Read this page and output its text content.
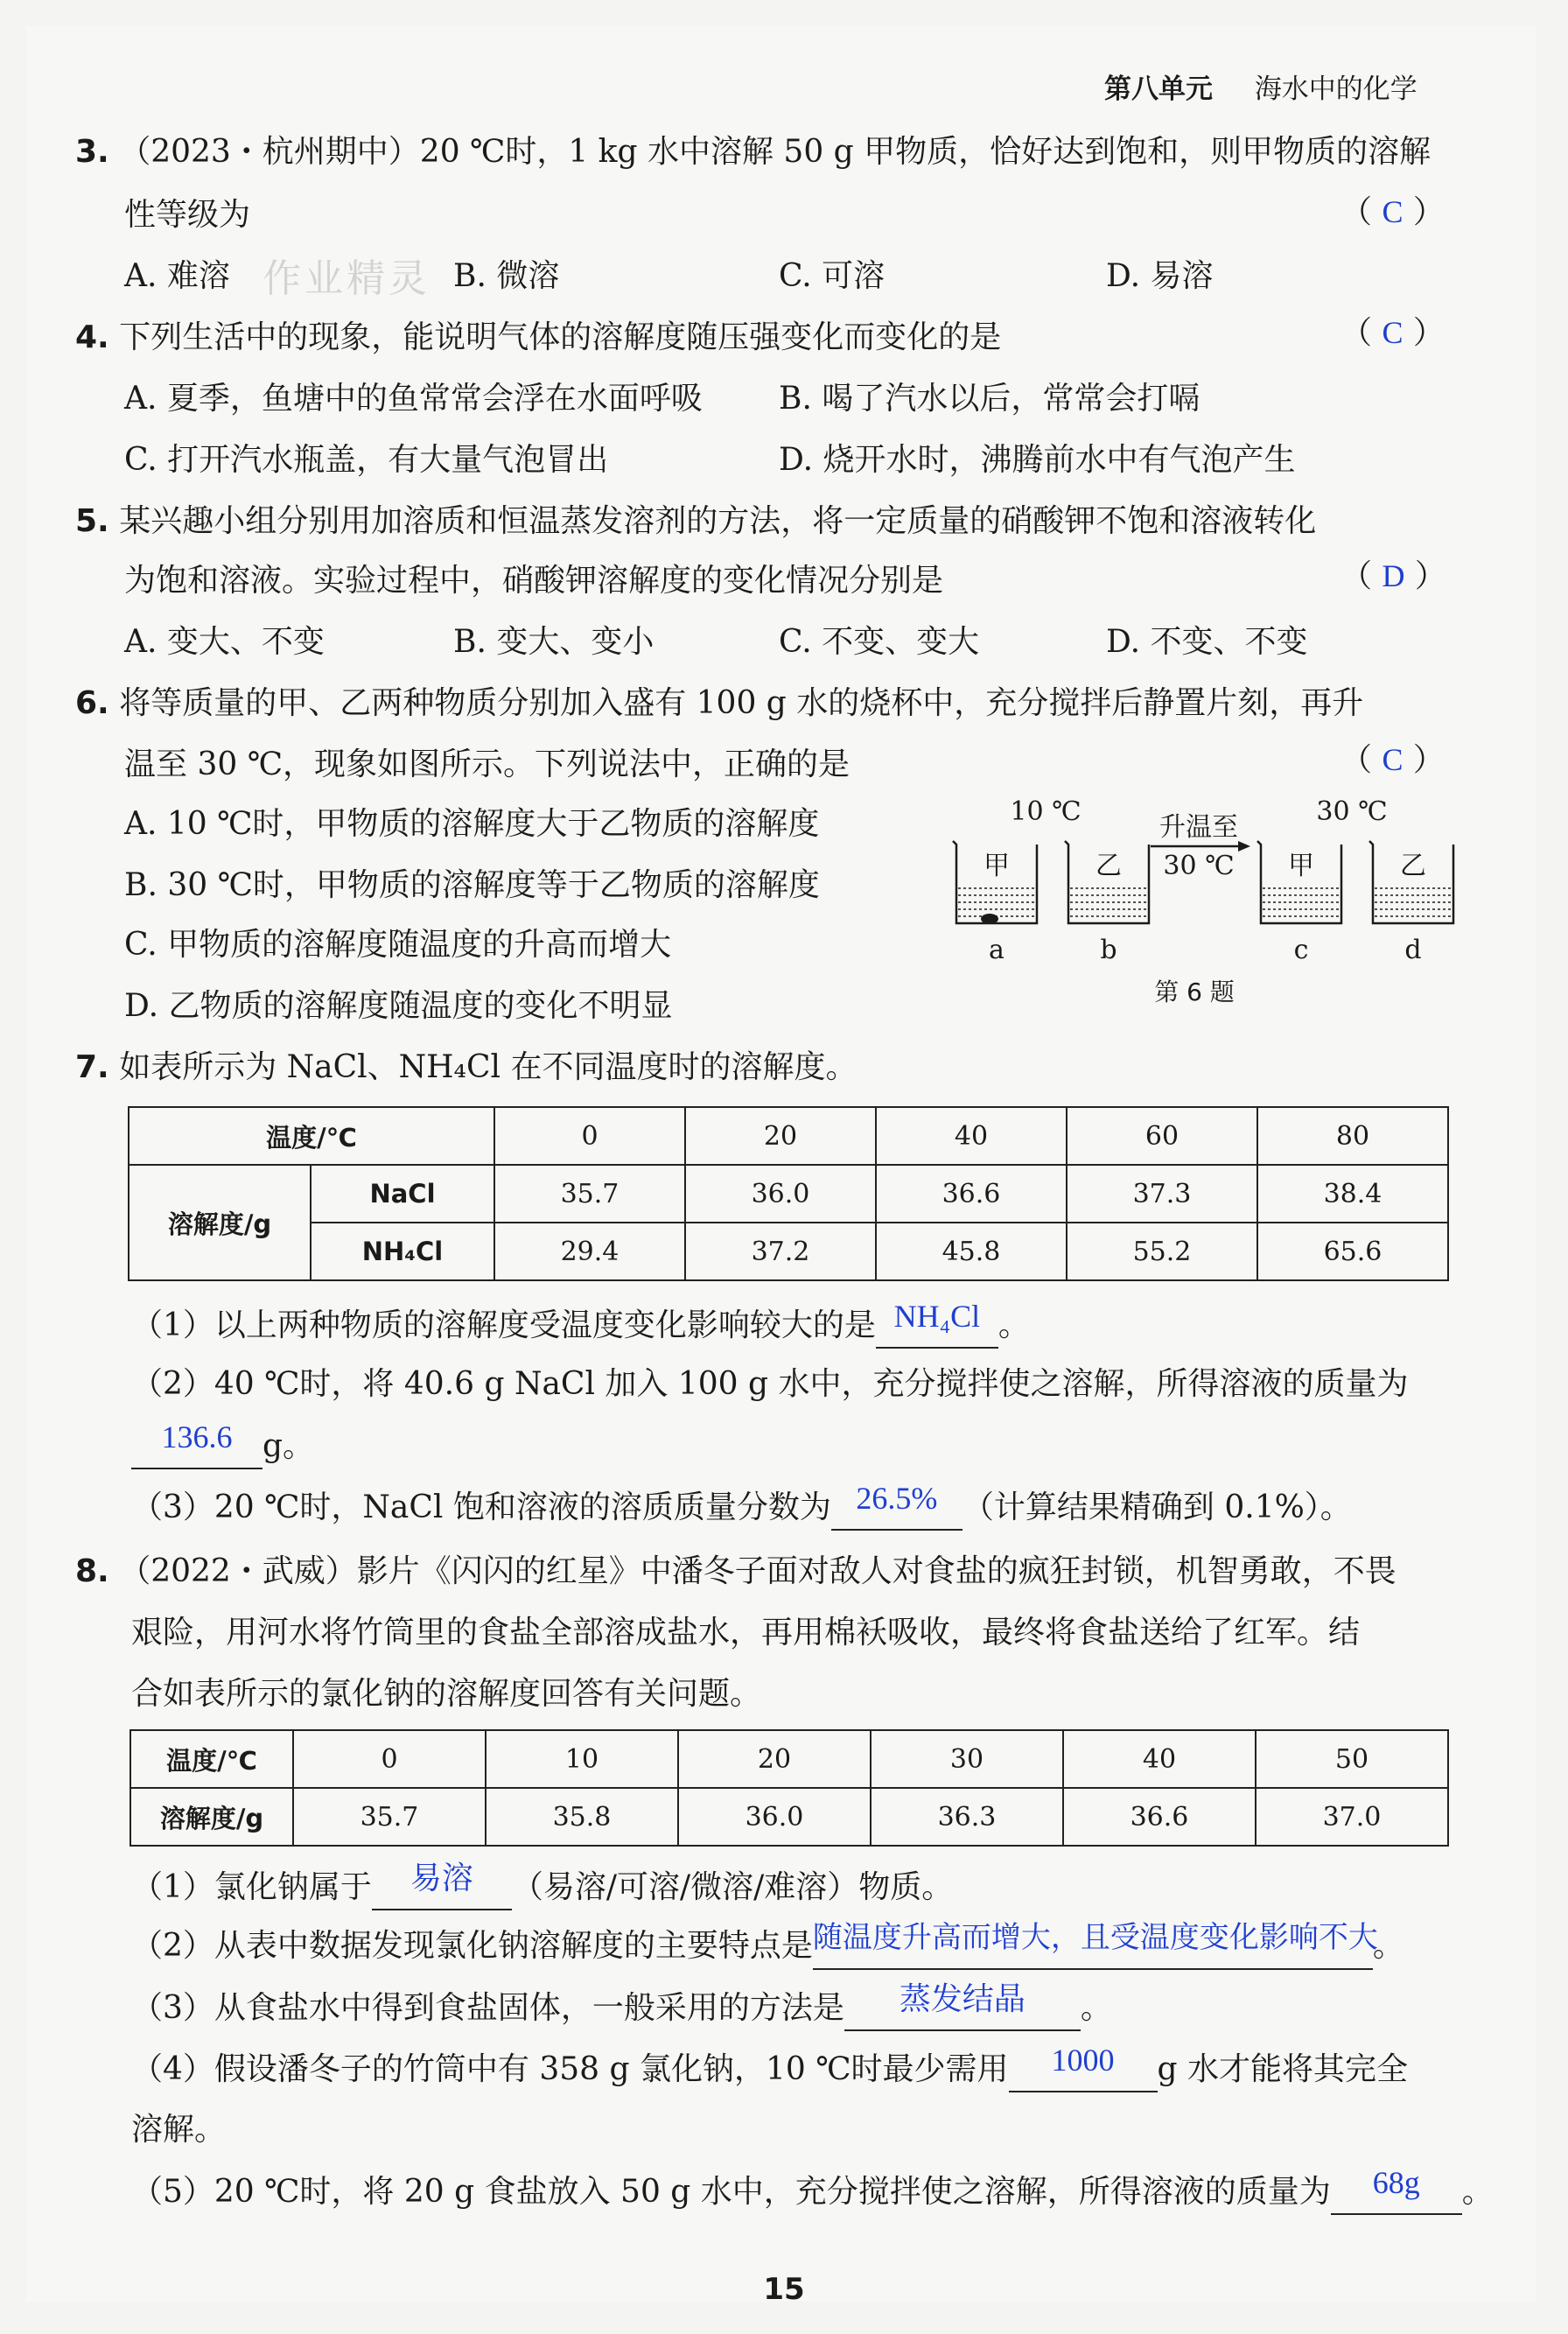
第八单元 海水中的化学
3. （2023・杭州期中）20 ℃时，1 kg 水中溶解 50 g 甲物质，恰好达到饱和，则甲物质的溶解
性等级为	（ C ）
A. 难溶	B. 微溶	C. 可溶	D. 易溶
作业精灵
4. 下列生活中的现象，能说明气体的溶解度随压强变化而变化的是	（ C ）
A. 夏季，鱼塘中的鱼常常会浮在水面呼吸 B. 喝了汽水以后，常常会打嗝
C. 打开汽水瓶盖，有大量气泡冒出	D. 烧开水时，沸腾前水中有气泡产生
5. 某兴趣小组分别用加溶质和恒温蒸发溶剂的方法，将一定质量的硝酸钾不饱和溶液转化
为饱和溶液。实验过程中，硝酸钾溶解度的变化情况分别是	（ D ）
A. 变大、不变	B. 变大、变小	C. 不变、变大	D. 不变、不变
6. 将等质量的甲、乙两种物质分别加入盛有 100 g 水的烧杯中，充分搅拌后静置片刻，再升
温至 30 ℃，现象如图所示。下列说法中，正确的是	（ C ）
A. 10 ℃时，甲物质的溶解度大于乙物质的溶解度
B. 30 ℃时，甲物质的溶解度等于乙物质的溶解度
C. 甲物质的溶解度随温度的升高而增大
D. 乙物质的溶解度随温度的变化不明显
10 ℃	30 ℃
升温至
30 ℃
甲
a
乙
b
甲
c
乙
d
第 6 题
7. 如表所示为 NaCl、NH₄Cl 在不同温度时的溶解度。
温度/℃		0	20	40	60	80
溶解度/g	NaCl	35.7	36.0	36.6	37.3	38.4
	NH₄Cl	29.4	37.2	45.8	55.2	65.6
（1）以上两种物质的溶解度受温度变化影响较大的是 NH₄Cl 。
（2）40 ℃时，将 40.6 g NaCl 加入 100 g 水中，充分搅拌使之溶解，所得溶液的质量为
136.6 g。
（3）20 ℃时，NaCl 饱和溶液的溶质质量分数为 26.5% （计算结果精确到 0.1%）。
8. （2022・武威）影片《闪闪的红星》中潘冬子面对敌人对食盐的疯狂封锁，机智勇敢，不畏
艰险，用河水将竹筒里的食盐全部溶成盐水，再用棉袄吸收，最终将食盐送给了红军。结
合如表所示的氯化钠的溶解度回答有关问题。
温度/℃	0	10	20	30	40	50
溶解度/g	35.7	35.8	36.0	36.3	36.6	37.0
（1）氯化钠属于 易溶 （易溶/可溶/微溶/难溶）物质。
（2）从表中数据发现氯化钠溶解度的主要特点是随温度升高而增大，且受温度变化影响不大。
（3）从食盐水中得到食盐固体，一般采用的方法是 蒸发结晶 。
（4）假设潘冬子的竹筒中有 358 g 氯化钠，10 ℃时最少需用 1000 g 水才能将其完全
溶解。
（5）20 ℃时，将 20 g 食盐放入 50 g 水中，充分搅拌使之溶解，所得溶液的质量为 68g 。
15
